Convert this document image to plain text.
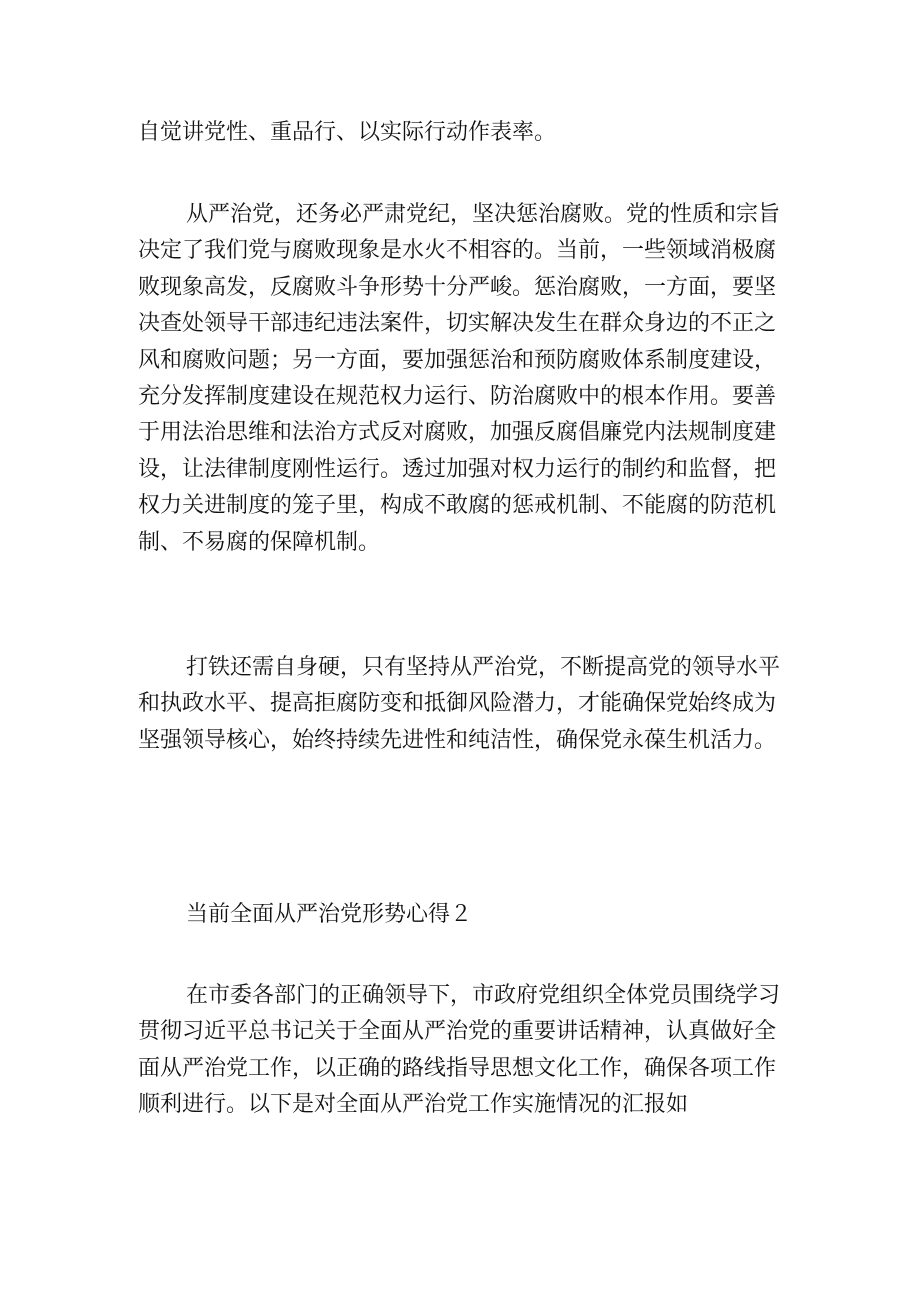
自觉讲党性、重品行、以实际行动作表率。

从严治党，还务必严肃党纪，坚决惩治腐败。党的性质和宗旨决定了我们党与腐败现象是水火不相容的。当前，一些领域消极腐败现象高发，反腐败斗争形势十分严峻。惩治腐败，一方面，要坚决查处领导干部违纪违法案件，切实解决发生在群众身边的不正之风和腐败问题；另一方面，要加强惩治和预防腐败体系制度建设，充分发挥制度建设在规范权力运行、防治腐败中的根本作用。要善于用法治思维和法治方式反对腐败，加强反腐倡廉党内法规制度建设，让法律制度刚性运行。透过加强对权力运行的制约和监督，把权力关进制度的笼子里，构成不敢腐的惩戒机制、不能腐的防范机制、不易腐的保障机制。

打铁还需自身硬，只有坚持从严治党，不断提高党的领导水平和执政水平、提高拒腐防变和抵御风险潜力，才能确保党始终成为坚强领导核心，始终持续先进性和纯洁性，确保党永葆生机活力。

当前全面从严治党形势心得２

在市委各部门的正确领导下，市政府党组织全体党员围绕学习贯彻习近平总书记关于全面从严治党的重要讲话精神，认真做好全面从严治党工作，以正确的路线指导思想文化工作，确保各项工作顺利进行。以下是对全面从严治党工作实施情况的汇报如
